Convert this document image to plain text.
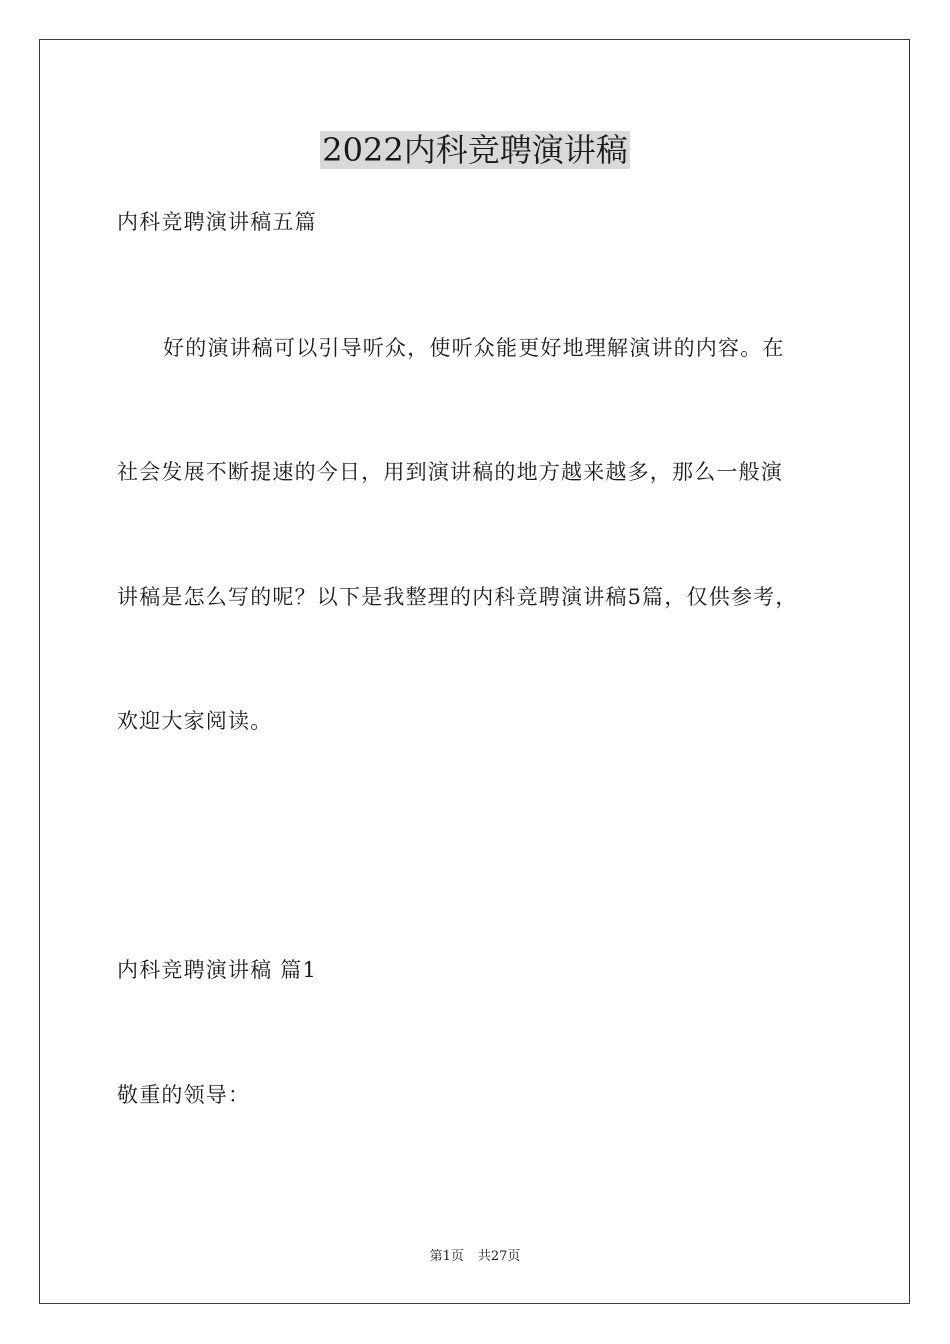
2022内科竞聘演讲稿
内科竞聘演讲稿五篇
好的演讲稿可以引导听众，使听众能更好地理解演讲的内容。在
社会发展不断提速的今日，用到演讲稿的地方越来越多，那么一般演
讲稿是怎么写的呢？以下是我整理的内科竞聘演讲稿5篇，仅供参考，
欢迎大家阅读。
内科竞聘演讲稿 篇1
敬重的领导：
第1页 共27页
